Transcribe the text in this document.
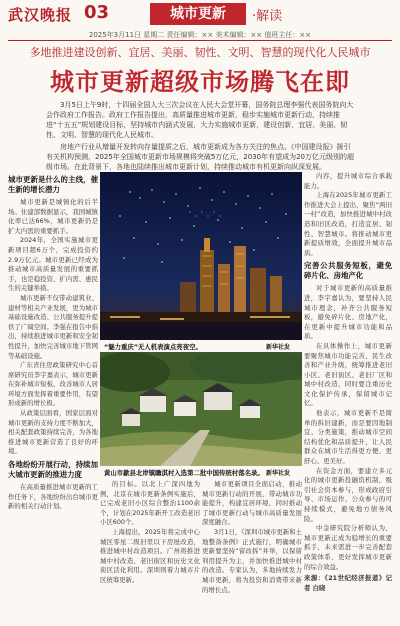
武汉晚报 03	城市更新	·解读
2025年3月11日 星期二 责任编辑：×× 美术编辑：×× 值班主任：××
多地推进建设创新、宜居、美丽、韧性、文明、智慧的现代化人民城市
城市更新超级市场腾飞在即

3月5日上午9时，十四届全国人大三次会议在人民大会堂开幕，国务院总理李强代表国务院向大会作政府工作报告。政府工作报告提出，高质量推进城市更新，稳步实施城市更新行动，持续推进“十五五”规划建设目标，坚持城市内涵式发展，大力实施城市更新，建设创新、宜居、美丽、韧性、文明、智慧的现代化人民城市。

房地产行业从增量开发转向存量提质之后，城市更新成为各方关注的焦点。《中国建设报》援引有关机构预测，2025年全国城市更新市场规模将突破5万亿元，2030年有望成为20万亿元级别的超级市场。在此背景下，各地也陆续推出城市更新计划，持续推动城市有机更新向纵深发展。

城市更新是什么的主线，催生新的增长潜力

城市更新是城镇化的后半场。住建部数据显示，我国城镇化率已达66%，城市更新仍是扩大内需的重要抓手。

2024年，全国实施城市更新项目超6万个，完成投资约2.9万亿元。城市更新已经成为推动城市高质量发展的重要抓手，也是稳投资、扩内需、惠民生的关键举措。

城市更新不仅带动建筑业、建材等相关产业发展，更为城市基础设施改造、公共服务提升提供了广阔空间。李强在报告中指出，持续推进城市更新和安全韧性提升，加快完善城市地下管网等基础设施。

广东省住房政策研究中心首席研究员李宇嘉表示，城市更新在弥补城市短板、改善城市人居环境方面发挥着重要作用，有望形成新的增长极。

从政策层面看，国家层面对城市更新的支持力度不断加大，相关配套政策持续完善，为各地推进城市更新营造了良好的环境。

各地纷纷开展行动，持续加大城市更新的推进力度

在高质量推进城市更新的工作任务下，各地纷纷出台城市更新的相关行动计划。

“魅力重庆”无人机表演点亮夜空。	新华社发
黄山市歙县北岸镇瞻淇村入选第二批中国传统村落名录。 新华社发

的目标。以北上广深四地为例，北京在城市更新条例实施后，已完成老旧小区综合整治1100余个，计划在2025年新开工改造老旧小区600个。

上海提出，2025年将完成中心城区零星二级旧里以下房屋改造，推进城中村改造项目。广州将推进城中村改造、老旧街区和历史文化街区活化利用。深圳则着力城市片区统筹更新。

城市更新项目全面启动，推动城市更新行动的开展，带动城市功能提升，构建宜居环境，同时推动了城市更新行动与城市高质量发展深度融合。

3月1日，《深圳市城市更新和土地整备条例》正式施行，明确城市更新要坚持“留改拆”并举，以保留利用提升为主，并加快推进城中村的改造。专家认为，多地持续发力城市更新，将为投资和消费带来新的增长点。

内容，提升城市综合承载能力。

上海在2025年城市更新工作推进大会上提出，聚焦“两旧一村”改造，加快推进城中村改造和旧区改造，打造宜居、韧性、智慧城市。将推动城市更新提质增效，全面提升城市品质。

完善公共服务短板，避免碎片化、房地产化

对于城市更新的高质量推进，李宇嘉认为，要坚持人民城市理念，补齐公共服务短板，避免碎片化、房地产化，在更新中提升城市功能和品质。

在具体操作上，城市更新要聚焦城市功能完善、民生改善和产业升级，统筹推进老旧小区、老旧街区、老旧厂区和城中村改造，同时要注重历史文化保护传承，保留城市记忆。

他表示，城市更新不是简单的拆旧建新，而是要因地制宜、分类施策，推动城市空间结构优化和品质提升，让人民群众在城市生活得更方便、更舒心、更美好。

在资金方面，要建立多元化的城市更新投融资机制，吸引社会资本参与，形成政府引导、市场运作、公众参与的可持续模式，避免地方债务风险。

中金研究院分析师认为，城市更新正成为稳增长的重要抓手，未来需进一步完善配套政策体系，更好发挥城市更新的综合效益。

来源：《21世纪经济报道》记者 白晓
